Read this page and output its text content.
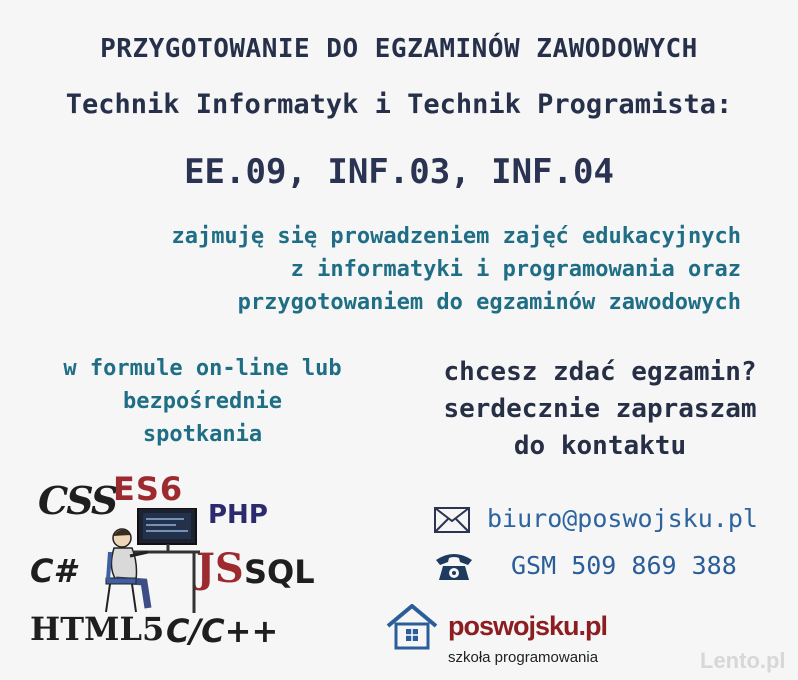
PRZYGOTOWANIE DO EGZAMINÓW ZAWODOWYCH
Technik Informatyk i Technik Programista:
EE.09, INF.03, INF.04
zajmuję się prowadzeniem zajęć edukacyjnych
z informatyki i programowania oraz
przygotowaniem do egzaminów zawodowych
w formule on-line lub
bezpośrednie
spotkania
chcesz zdać egzamin?
serdecznie zapraszam
do kontaktu
CSS
ES6
PHP
C#	JS SQL
HTML5 C/C++
biuro@poswojsku.pl
GSM 509 869 388
poswojsku.pl
szkoła programowania	Lento.pl
